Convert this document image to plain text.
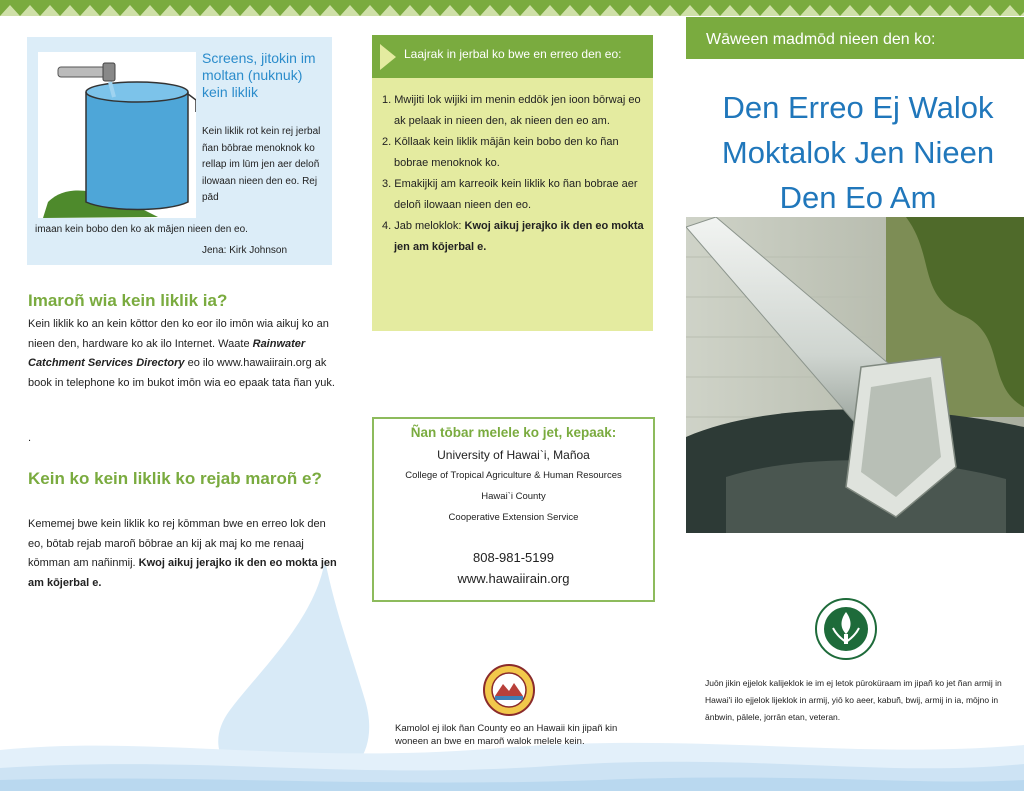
Screens, jitokin im moltan (nuknuk) kein liklik
Kein liklik rot kein rej jerbal ñan bōbrae menoknok ko rellap im lūm jen aer deloñ ilowaan nieen den eo. Rej pād
imaan kein bobo den ko ak mājen nieen den eo.
Jena: Kirk Johnson
Imaroñ wia kein liklik ia?
Kein liklik ko an kein kōttor den ko eor ilo imōn wia aikuj ko an nieen den, hardware ko ak ilo Internet. Waate Rainwater Catchment Services Directory eo ilo www.hawaiirain.org ak book in telephone ko im bukot imōn wia eo epaak tata ñan yuk.
.
Kein ko kein liklik ko rejab maroñ e?
Kememej bwe kein liklik ko rej kōmman bwe en erreo lok den eo, bōtab rejab maroñ bōbrae an kij ak maj ko me renaaj kōmman am nañinmij. Kwoj aikuj jerajko ik den eo mokta jen am kōjerbal e.
Laajrak in jerbal ko bwe en erreo den eo:
1. Mwijiti lok wijiki im menin eddōk jen ioon bōrwaj eo ak pelaak in nieen den, ak nieen den eo am.
2. Kōllaak kein liklik mājān kein bobo den ko ñan bobrae menoknok ko.
3. Emakijkij am karreoik kein liklik ko ñan bobrae aer deloñ ilowaan nieen den eo.
4. Jab meloklok: Kwoj aikuj jerajko ik den eo mokta jen am kōjerbal e.
Ñan tōbar melele ko jet, kepaak:
University of Hawai`i, Mañoa
College of Tropical Agriculture & Human Resources
Hawai`i County
Cooperative Extension Service
808-981-5199
www.hawaiirain.org
Kamolol ej ilok ñan County eo an Hawaii kin jipañ kin woneen an bwe en maroñ walok melele kein.
Wāween madmōd nieen den ko:
Den Erreo Ej Walok
Moktalok Jen Nieen
Den Eo Am
Juōn jikin ejjelok kalijeklok ie im ej letok pūroküraam im jipañ ko jet ñan armij in Hawai'i ilo ejjelok lijeklok in armij, yiō ko aeer, kabuñ, bwij, armij in ia, mōjno in ānbwin, pālele, jorrān etan, veteran.
